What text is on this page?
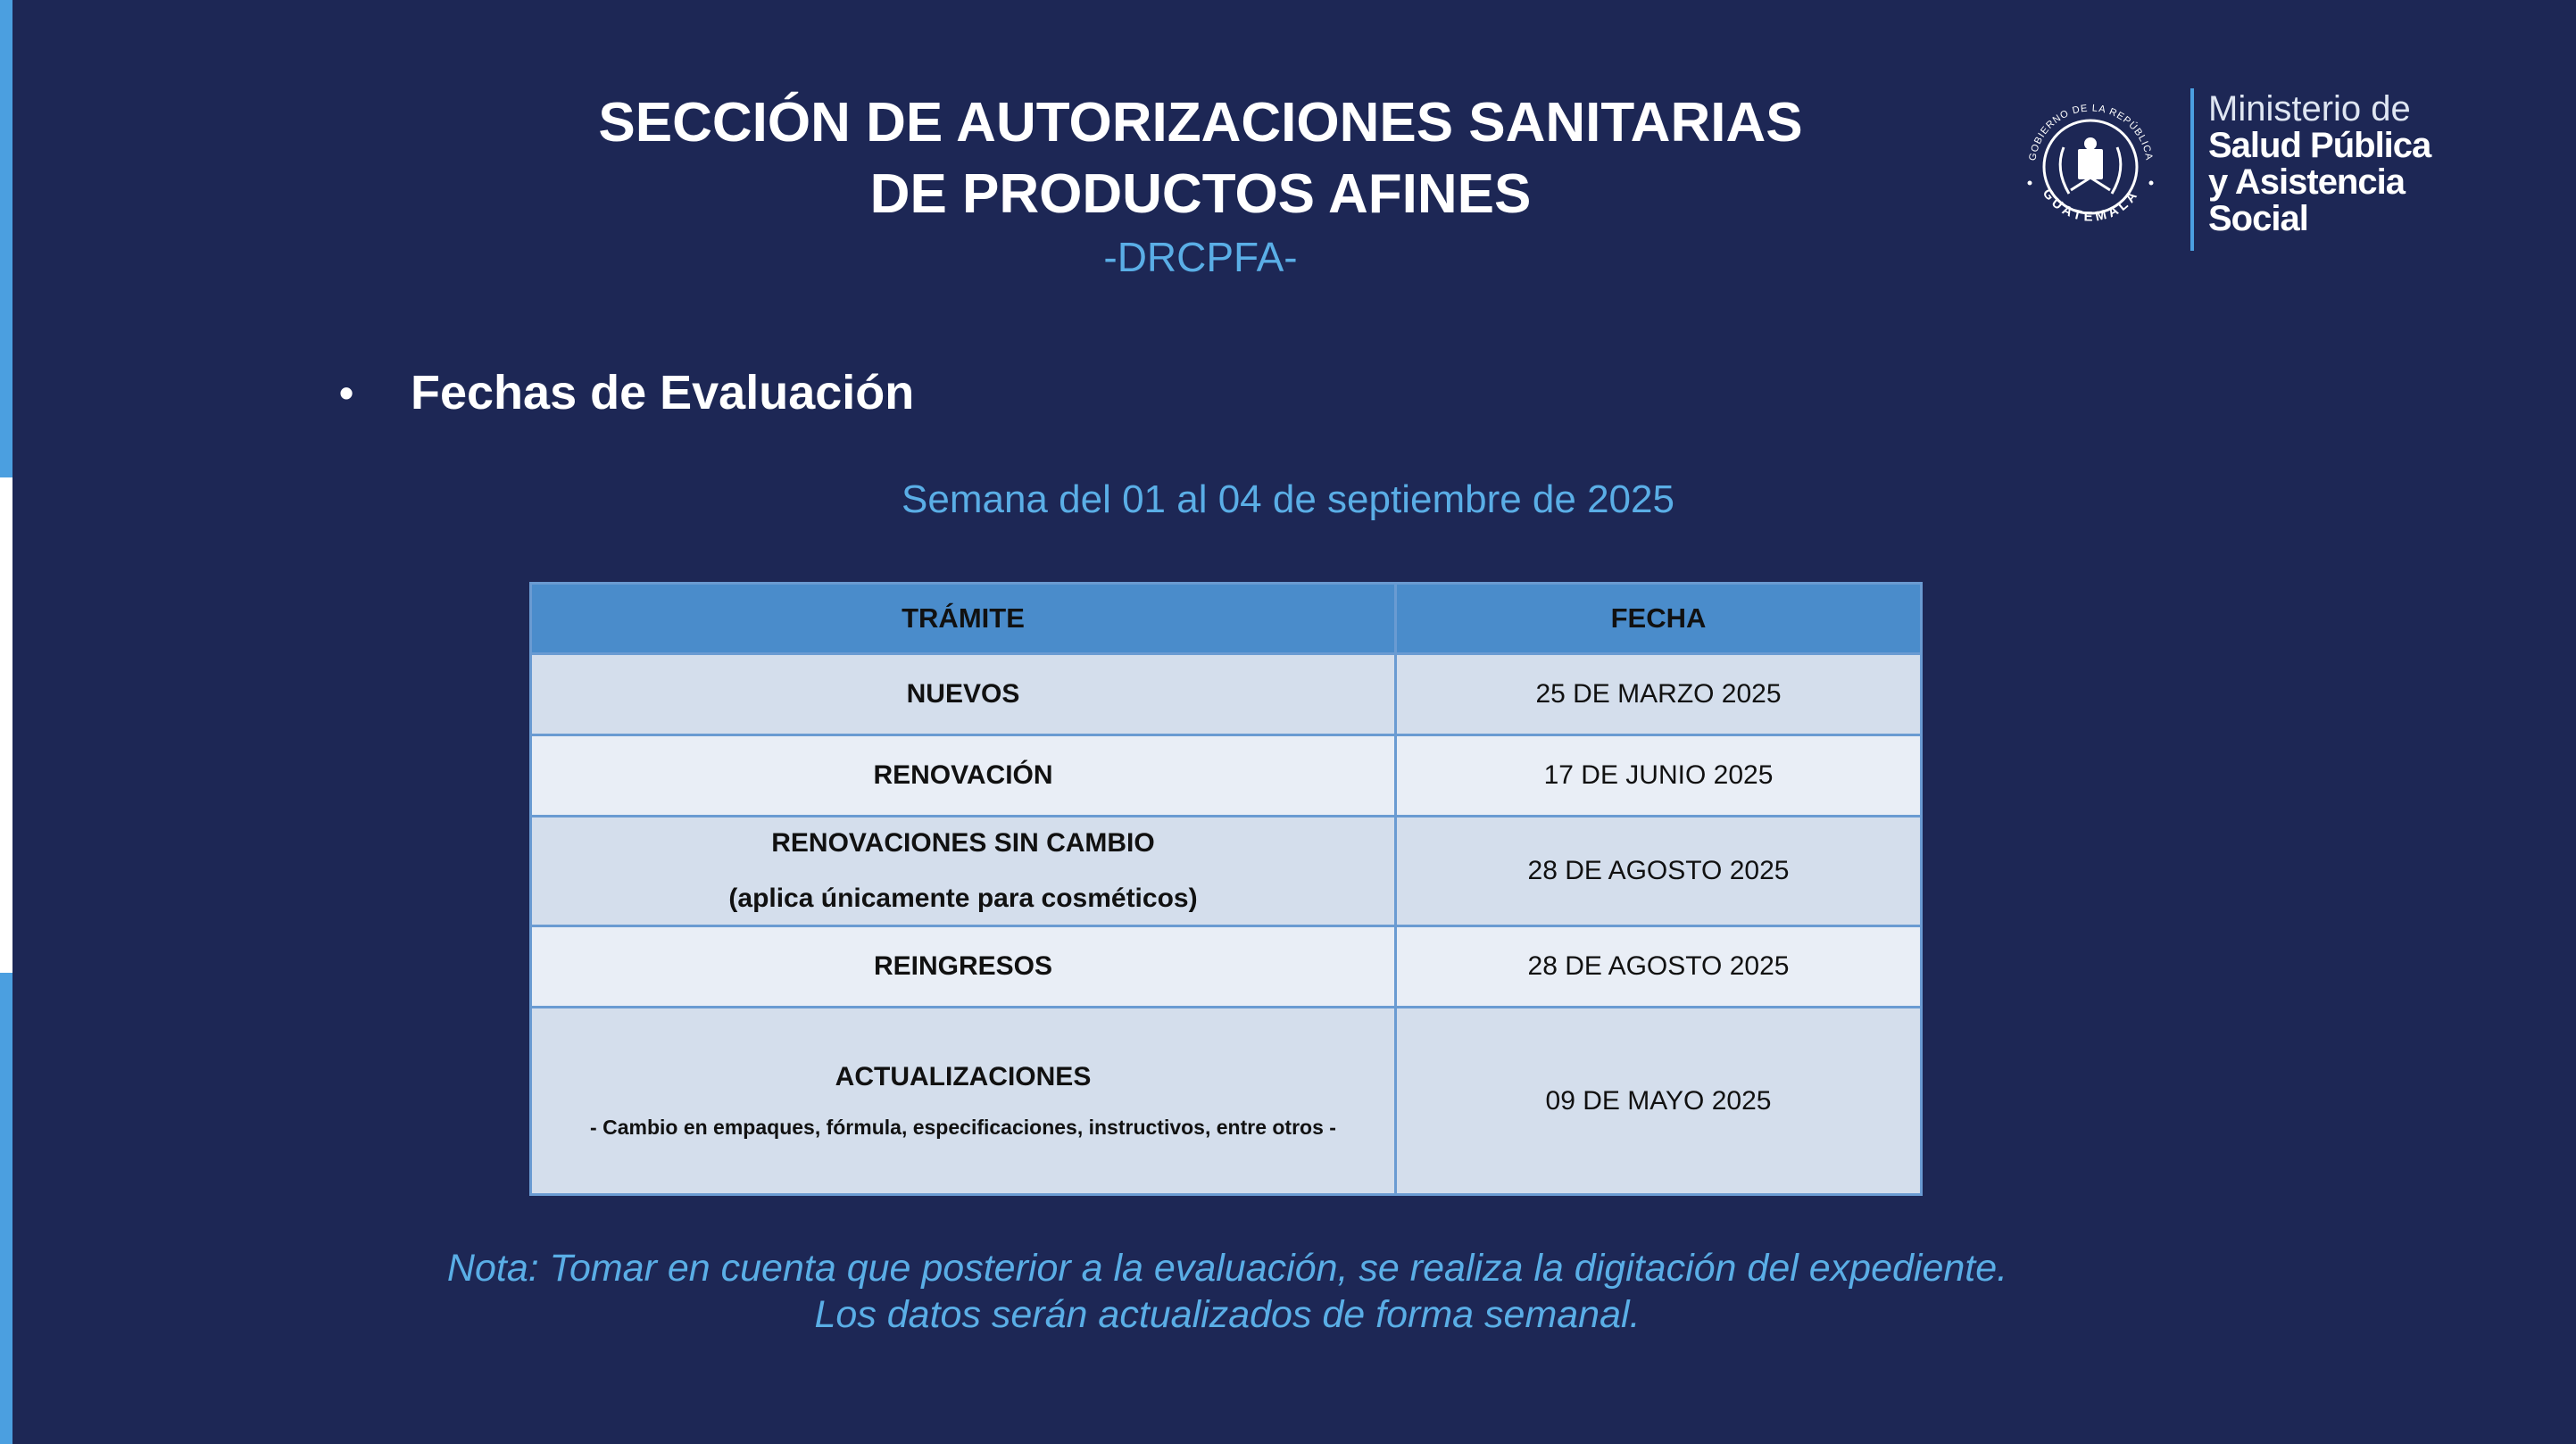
SECCIÓN DE AUTORIZACIONES SANITARIAS
DE PRODUCTOS AFINES
-DRCPFA-
GOBIERNO DE LA REPÚBLICA
GUATEMALA
Ministerio de
Salud Pública
y Asistencia
Social
• Fechas de Evaluación
Semana del 01 al 04 de septiembre de 2025
TRÁMITE	FECHA
NUEVOS	25 DE MARZO 2025
RENOVACIÓN	17 DE JUNIO 2025
RENOVACIONES SIN CAMBIO
(aplica únicamente para cosméticos)	28 DE AGOSTO 2025
REINGRESOS	28 DE AGOSTO 2025
ACTUALIZACIONES
- Cambio en empaques, fórmula, especificaciones, instructivos, entre otros -	09 DE MAYO 2025
Nota: Tomar en cuenta que posterior a la evaluación, se realiza la digitación del expediente.
Los datos serán actualizados de forma semanal.
